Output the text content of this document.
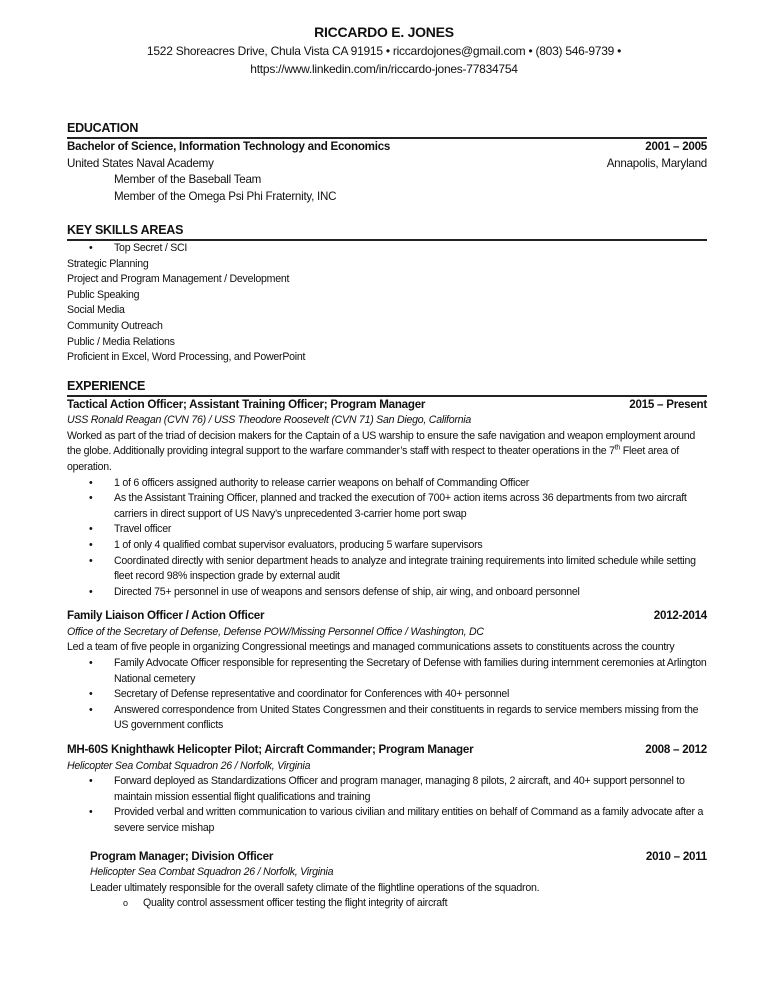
RICCARDO E. JONES
1522 Shoreacres Drive, Chula Vista CA 91915 • riccardojones@gmail.com • (803) 546-9739 •
https://www.linkedin.com/in/riccardo-jones-77834754
EDUCATION
Bachelor of Science, Information Technology and Economics	2001 – 2005
United States Naval Academy	Annapolis, Maryland
Member of the Baseball Team
Member of the Omega Psi Phi Fraternity, INC
KEY SKILLS AREAS
• Top Secret / SCI
Strategic Planning
Project and Program Management / Development
Public Speaking
Social Media
Community Outreach
Public / Media Relations
Proficient in Excel, Word Processing, and PowerPoint
EXPERIENCE
Tactical Action Officer; Assistant Training Officer; Program Manager	2015 – Present
USS Ronald Reagan (CVN 76) / USS Theodore Roosevelt (CVN 71) San Diego, California
Worked as part of the triad of decision makers for the Captain of a US warship to ensure the safe navigation and weapon employment around the globe. Additionally providing integral support to the warfare commander’s staff with respect to theater operations in the 7th Fleet area of operation.
• 1 of 6 officers assigned authority to release carrier weapons on behalf of Commanding Officer
• As the Assistant Training Officer, planned and tracked the execution of 700+ action items across 36 departments from two aircraft carriers in direct support of US Navy’s unprecedented 3-carrier home port swap
• Travel officer
• 1 of only 4 qualified combat supervisor evaluators, producing 5 warfare supervisors
• Coordinated directly with senior department heads to analyze and integrate training requirements into limited schedule while setting fleet record 98% inspection grade by external audit
• Directed 75+ personnel in use of weapons and sensors defense of ship, air wing, and onboard personnel
Family Liaison Officer / Action Officer	2012-2014
Office of the Secretary of Defense, Defense POW/Missing Personnel Office / Washington, DC
Led a team of five people in organizing Congressional meetings and managed communications assets to constituents across the country
• Family Advocate Officer responsible for representing the Secretary of Defense with families during internment ceremonies at Arlington National cemetery
• Secretary of Defense representative and coordinator for Conferences with 40+ personnel
• Answered correspondence from United States Congressmen and their constituents in regards to service members missing from the US government conflicts
MH-60S Knighthawk Helicopter Pilot; Aircraft Commander; Program Manager	2008 – 2012
Helicopter Sea Combat Squadron 26 / Norfolk, Virginia
• Forward deployed as Standardizations Officer and program manager, managing 8 pilots, 2 aircraft, and 40+ support personnel to maintain mission essential flight qualifications and training
• Provided verbal and written communication to various civilian and military entities on behalf of Command as a family advocate after a severe service mishap
Program Manager; Division Officer	2010 – 2011
Helicopter Sea Combat Squadron 26 / Norfolk, Virginia
Leader ultimately responsible for the overall safety climate of the flightline operations of the squadron.
o Quality control assessment officer testing the flight integrity of aircraft
